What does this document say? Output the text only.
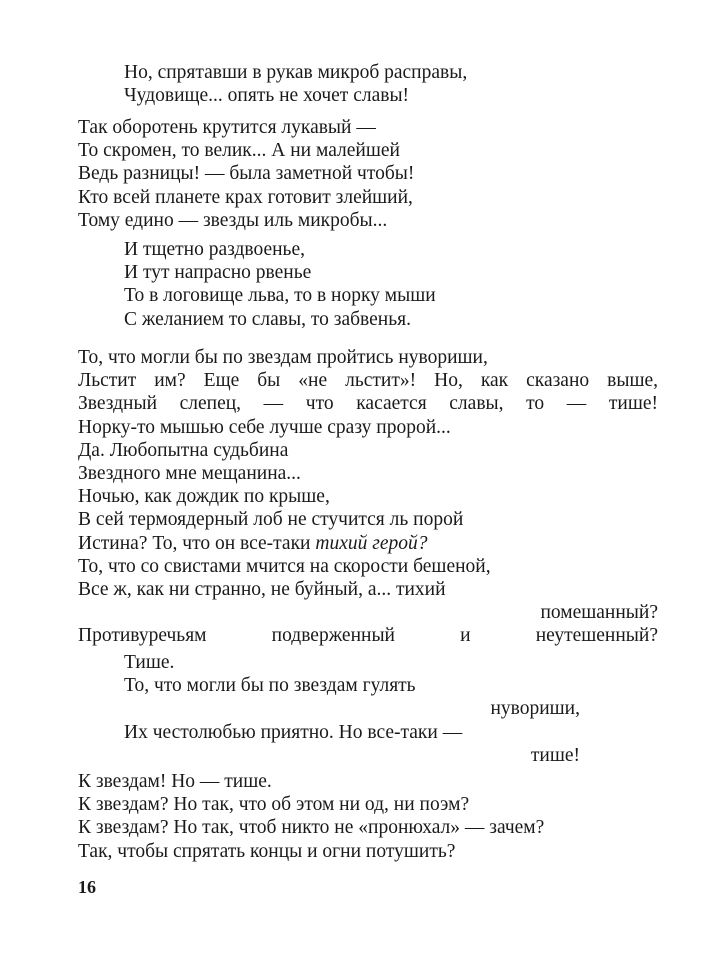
Но, спрятавши в рукав микроб расправы,
Чудовище... опять не хочет славы!
Так оборотень крутится лукавый —
То скромен, то велик... А ни малейшей
Ведь разницы! — была заметной чтобы!
Кто всей планете крах готовит злейший,
Тому едино — звезды иль микробы...
И тщетно раздвоенье,
И тут напрасно рвенье
То в логовище льва, то в норку мыши
С желанием то славы, то забвенья.
То, что могли бы по звездам пройтись нувориши,
Льстит им? Еще бы «не льстит»! Но, как сказано выше,
Звездный слепец, — что касается славы, то — тише!
Норку-то мышью себе лучше сразу пророй...
Да. Любопытна судьбина
Звездного мне мещанина...
Ночью, как дождик по крыше,
В сей термоядерный лоб не стучится ль порой
Истина? То, что он все-таки тихий герой?
То, что со свистами мчится на скорости бешеной,
Все ж, как ни странно, не буйный, а... тихий
помешанный?
Противуречьям подверженный и неутешенный?
Тише.
То, что могли бы по звездам гулять
нувориши,
Их честолюбью приятно. Но все-таки —
тише!
К звездам! Но — тише.
К звездам? Но так, что об этом ни од, ни поэм?
К звездам? Но так, чтоб никто не «пронюхал» — зачем?
Так, чтобы спрятать концы и огни потушить?
16
